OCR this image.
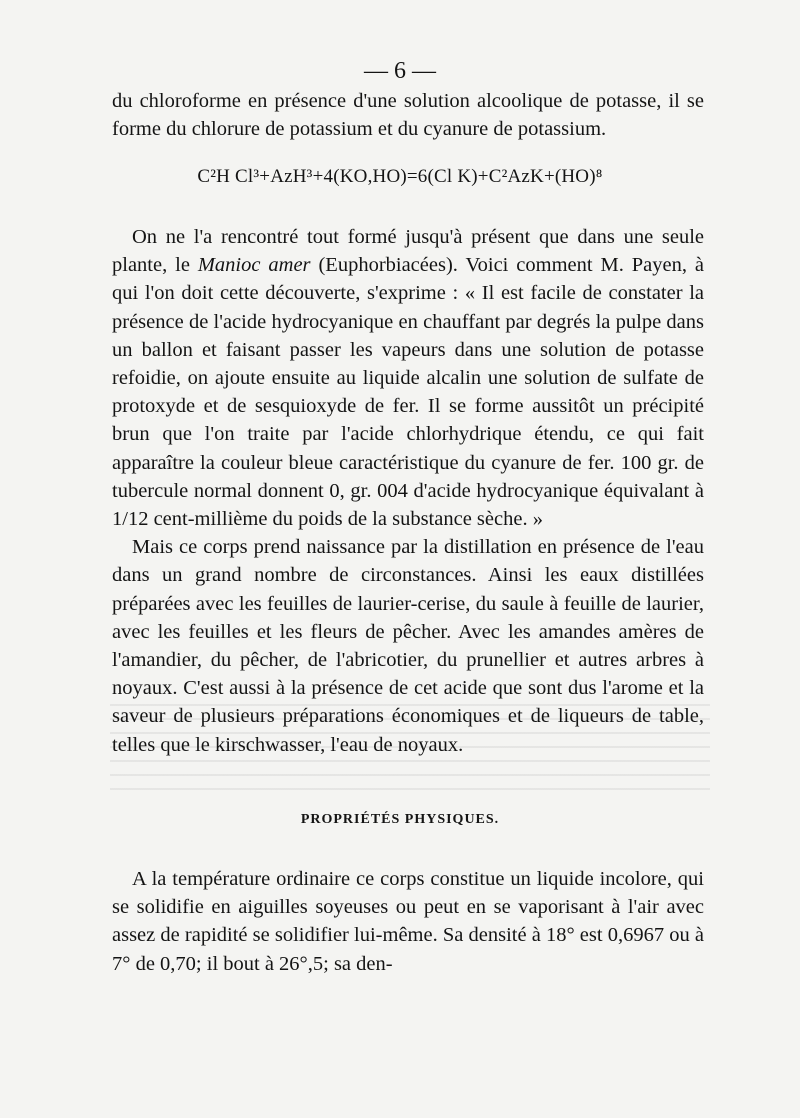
— 6 —

du chloroforme en présence d'une solution alcoolique de potasse, il se forme du chlorure de potassium et du cyanure de potassium.

C²H Cl³+AzH³+4(KO,HO)=6(Cl K)+C²AzK+(HO)⁸

On ne l'a rencontré tout formé jusqu'à présent que dans une seule plante, le Manioc amer (Euphorbiacées). Voici comment M. Payen, à qui l'on doit cette découverte, s'exprime : « Il est facile de constater la présence de l'acide hydrocyanique en chauffant par degrés la pulpe dans un ballon et faisant passer les vapeurs dans une solution de potasse refoidie, on ajoute ensuite au liquide alcalin une solution de sulfate de protoxyde et de sesquioxyde de fer. Il se forme aussitôt un précipité brun que l'on traite par l'acide chlorhydrique étendu, ce qui fait apparaître la couleur bleue caractéristique du cyanure de fer. 100 gr. de tubercule normal donnent 0, gr. 004 d'acide hydrocyanique équivalant à 1/12 cent-millième du poids de la substance sèche. »

Mais ce corps prend naissance par la distillation en présence de l'eau dans un grand nombre de circonstances. Ainsi les eaux distillées préparées avec les feuilles de laurier-cerise, du saule à feuille de laurier, avec les feuilles et les fleurs de pêcher. Avec les amandes amères de l'amandier, du pêcher, de l'abricotier, du prunellier et autres arbres à noyaux. C'est aussi à la présence de cet acide que sont dus l'arome et la saveur de plusieurs préparations économiques et de liqueurs de table, telles que le kirschwasser, l'eau de noyaux.

PROPRIÉTÉS PHYSIQUES.

A la température ordinaire ce corps constitue un liquide incolore, qui se solidifie en aiguilles soyeuses ou peut en se vaporisant à l'air avec assez de rapidité se solidifier lui-même. Sa densité à 18° est 0,6967 ou à 7° de 0,70; il bout à 26°,5; sa den-
